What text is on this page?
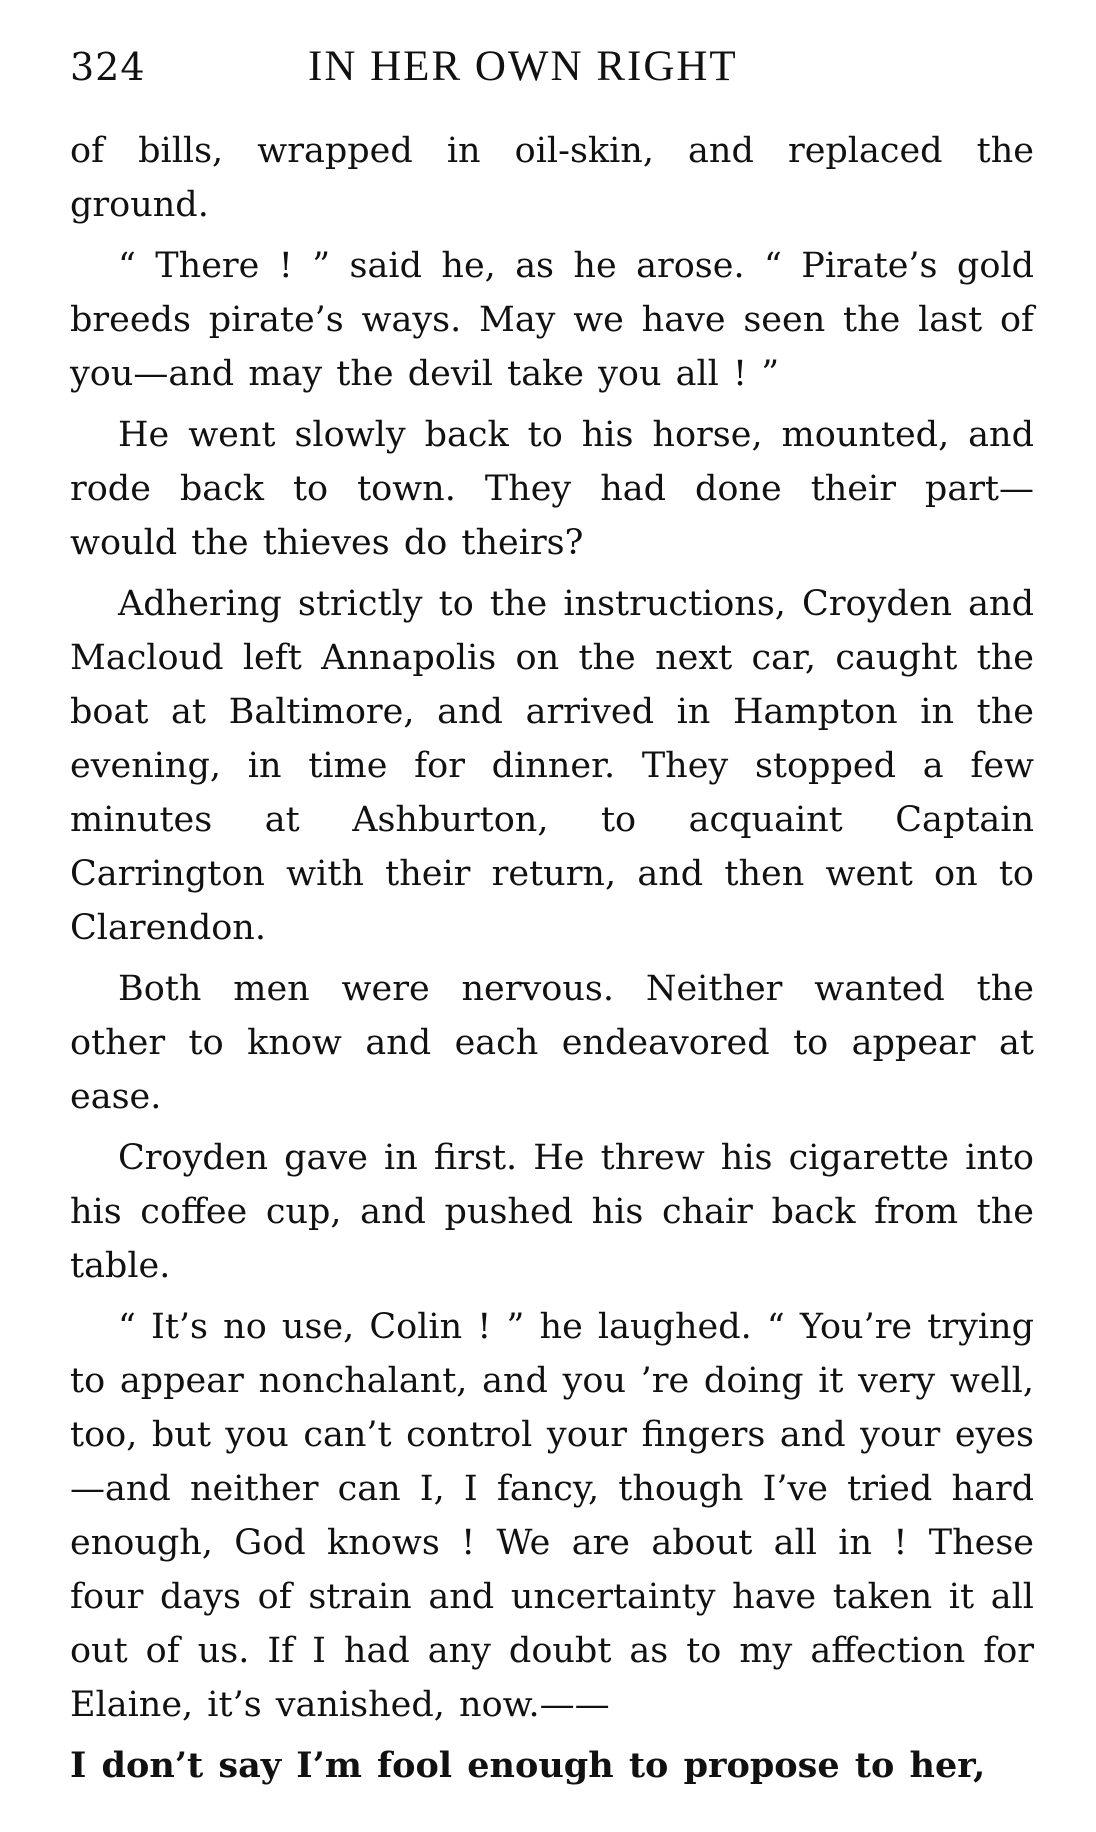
324	IN HER OWN RIGHT

of bills, wrapped in oil-skin, and replaced the ground.

“ There ! ” said he, as he arose. “ Pirate’s gold breeds pirate’s ways. May we have seen the last of you—and may the devil take you all ! ”

He went slowly back to his horse, mounted, and rode back to town. They had done their part— would the thieves do theirs?

Adhering strictly to the instructions, Croyden and Macloud left Annapolis on the next car, caught the boat at Baltimore, and arrived in Hampton in the evening, in time for dinner. They stopped a few minutes at Ashburton, to acquaint Captain Carrington with their return, and then went on to Clarendon.

Both men were nervous. Neither wanted the other to know and each endeavored to appear at ease.

Croyden gave in first. He threw his cigarette into his coffee cup, and pushed his chair back from the table.

“ It’s no use, Colin ! ” he laughed. “ You’re trying to appear nonchalant, and you ’re doing it very well, too, but you can’t control your fingers and your eyes—and neither can I, I fancy, though I’ve tried hard enough, God knows ! We are about all in ! These four days of strain and uncertainty have taken it all out of us. If I had any doubt as to my affection for Elaine, it’s vanished, now.——

I don’t say I’m fool enough to propose to her,
